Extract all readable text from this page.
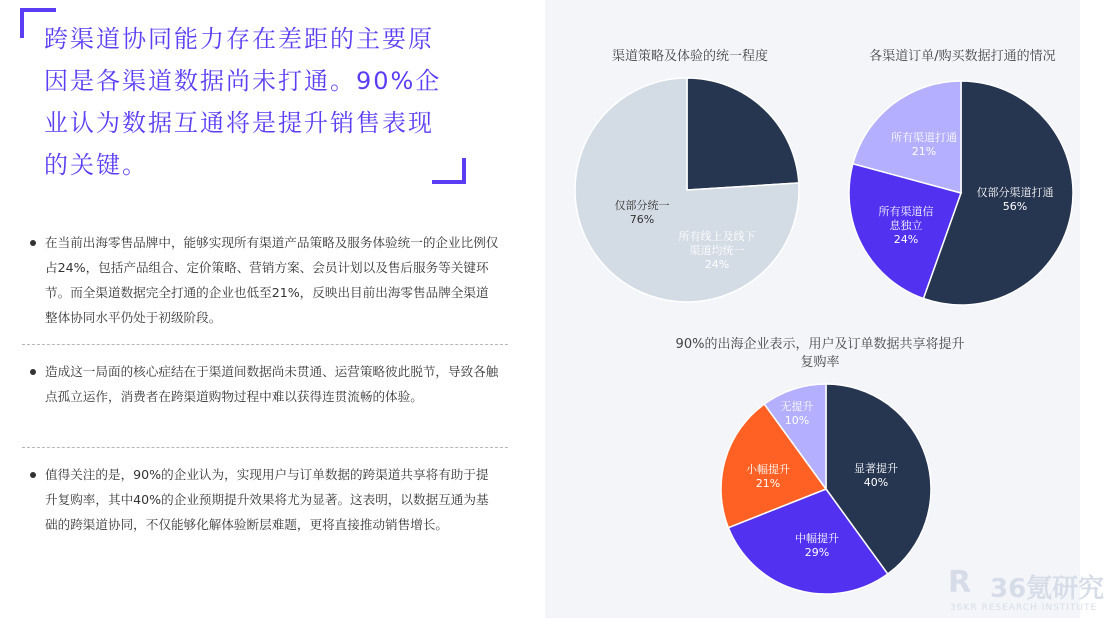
跨渠道协同能力存在差距的主要原因是各渠道数据尚未打通。90%企业认为数据互通将是提升销售表现的关键。
在当前出海零售品牌中，能够实现所有渠道产品策略及服务体验统一的企业比例仅占24%，包括产品组合、定价策略、营销方案、会员计划以及售后服务等关键环节。而全渠道数据完全打通的企业也低至21%，反映出目前出海零售品牌全渠道整体协同水平仍处于初级阶段。
造成这一局面的核心症结在于渠道间数据尚未贯通、运营策略彼此脱节，导致各触点孤立运作，消费者在跨渠道购物过程中难以获得连贯流畅的体验。
值得关注的是，90%的企业认为，实现用户与订单数据的跨渠道共享将有助于提升复购率，其中40%的企业预期提升效果将尤为显著。这表明，以数据互通为基础的跨渠道协同，不仅能够化解体验断层难题，更将直接推动销售增长。
渠道策略及体验的统一程度	各渠道订单/购买数据打通的情况
90%的出海企业表示，用户及订单数据共享将提升复购率
所有线上及线下渠道均统一 24%
仅部分统一 76%
仅部分渠道打通 56%
所有渠道信息独立 24%
所有渠道打通 21%
显著提升 40%
中幅提升 29%
小幅提升 21%
无提升 10%
R 36氪研究
36KR RESEARCH INSTITUTE
